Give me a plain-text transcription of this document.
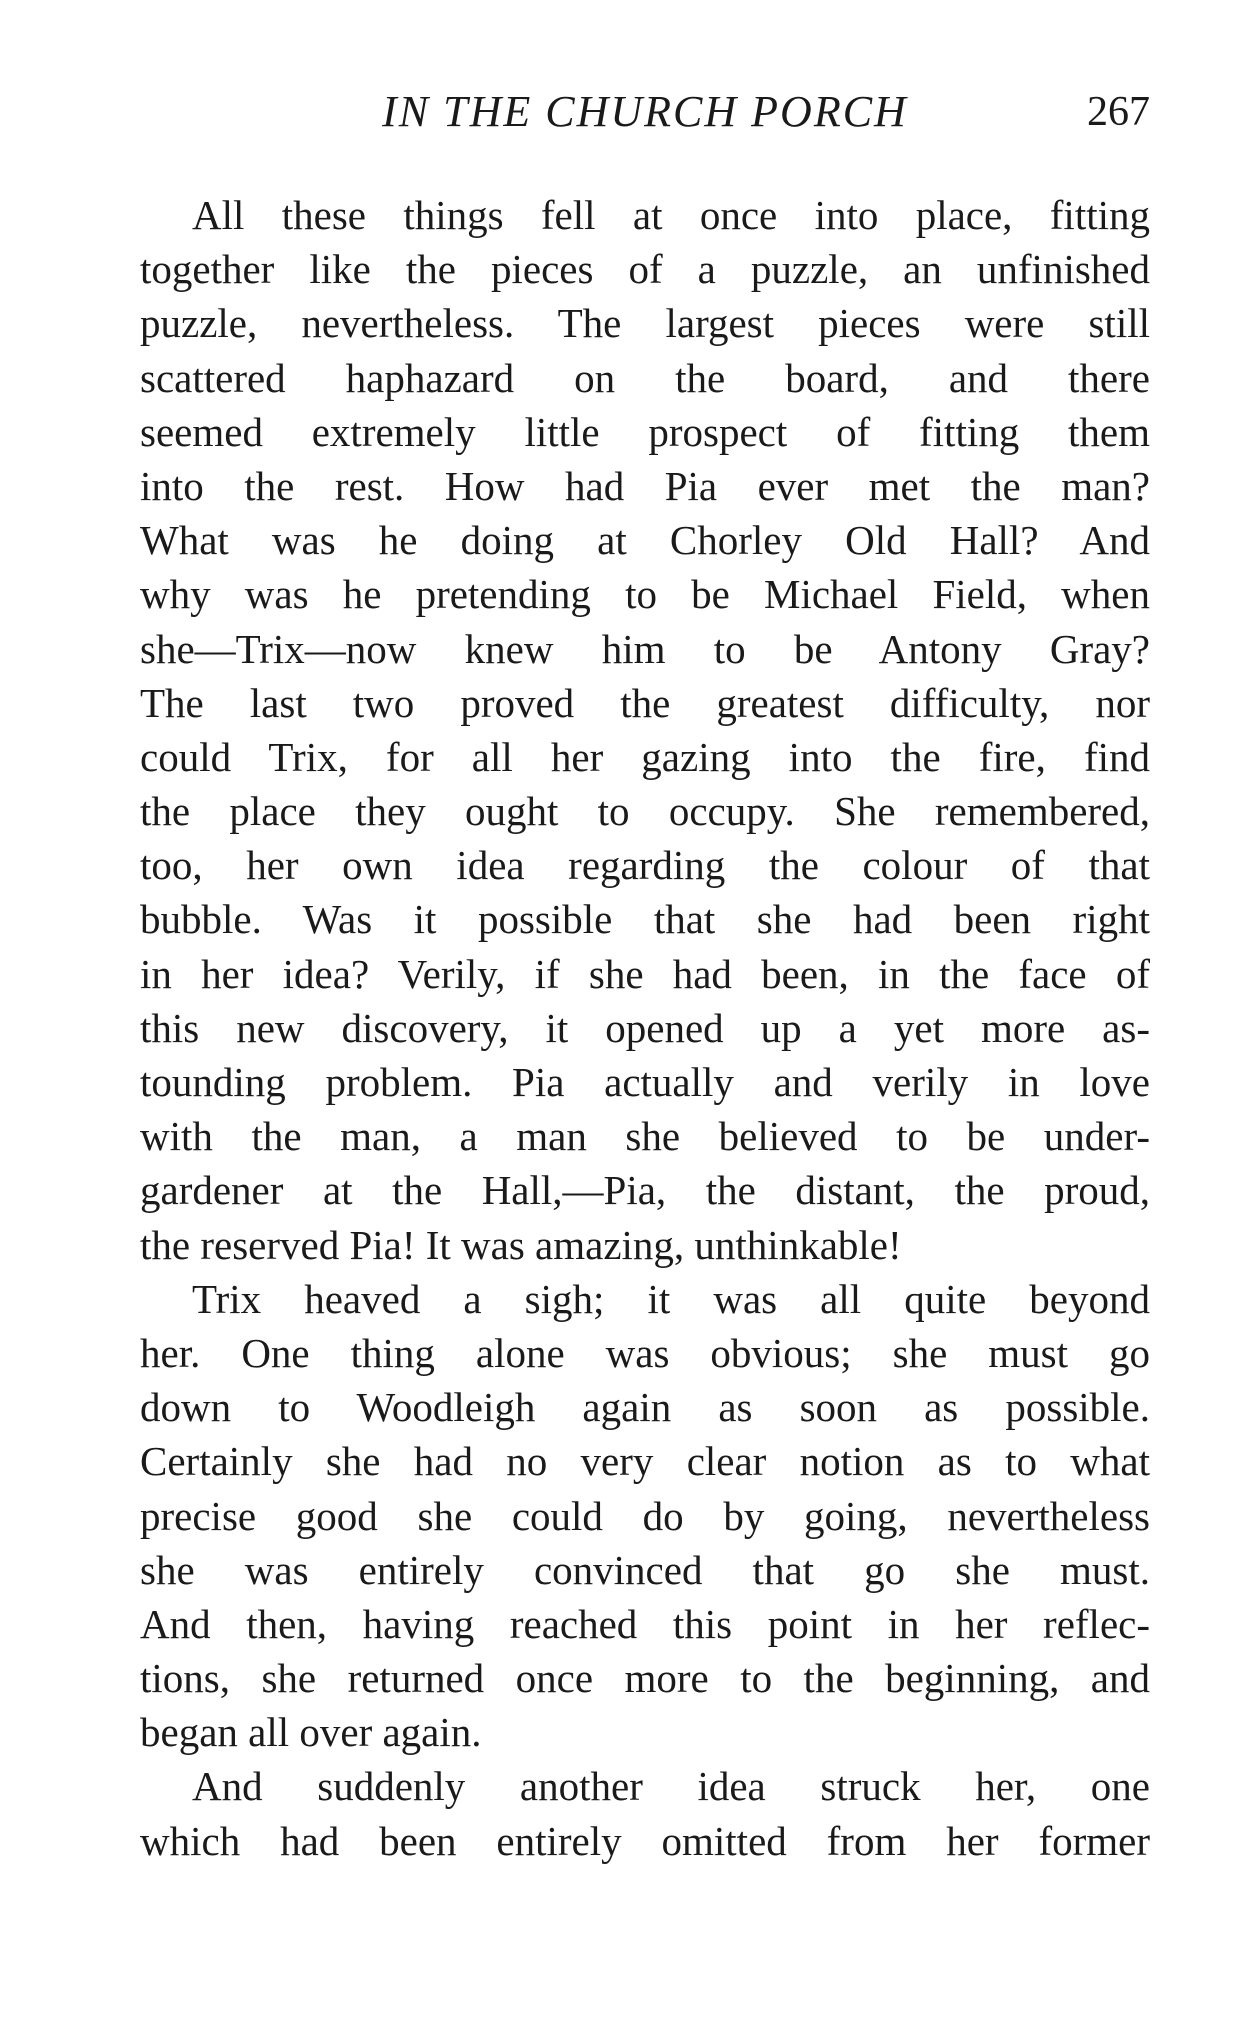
IN THE CHURCH PORCH	267
All these things fell at once into place, fitting
together like the pieces of a puzzle, an unfinished
puzzle, nevertheless. The largest pieces were still
scattered haphazard on the board, and there
seemed extremely little prospect of fitting them
into the rest. How had Pia ever met the man?
What was he doing at Chorley Old Hall? And
why was he pretending to be Michael Field, when
she—Trix—now knew him to be Antony Gray?
The last two proved the greatest difficulty, nor
could Trix, for all her gazing into the fire, find
the place they ought to occupy. She remembered,
too, her own idea regarding the colour of that
bubble. Was it possible that she had been right
in her idea? Verily, if she had been, in the face of
this new discovery, it opened up a yet more as-
tounding problem. Pia actually and verily in love
with the man, a man she believed to be under-
gardener at the Hall,—Pia, the distant, the proud,
the reserved Pia! It was amazing, unthinkable!
Trix heaved a sigh; it was all quite beyond
her. One thing alone was obvious; she must go
down to Woodleigh again as soon as possible.
Certainly she had no very clear notion as to what
precise good she could do by going, nevertheless
she was entirely convinced that go she must.
And then, having reached this point in her reflec-
tions, she returned once more to the beginning, and
began all over again.
And suddenly another idea struck her, one
which had been entirely omitted from her former
